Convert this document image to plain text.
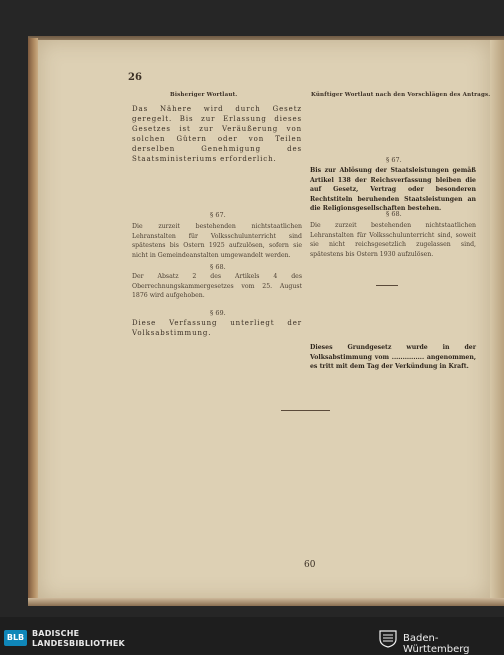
26
Bisheriger Wortlaut.	Künftiger Wortlaut nach den Vorschlägen des Antrags.
Das Nähere wird durch Gesetz geregelt. Bis zur Erlassung dieses Gesetzes ist zur Veräußerung von solchen Gütern oder von Teilen derselben Genehmigung des Staatsministeriums erforderlich.
§ 67.
Die zurzeit bestehenden nichtstaatlichen Lehranstalten für Volksschulunterricht sind spätestens bis Ostern 1925 aufzulösen, sofern sie nicht in Gemeindeanstalten umgewandelt werden.
§ 68.
Der Absatz 2 des Artikels 4 des Oberrechnungskammergesetzes vom 25. August 1876 wird aufgehoben.
§ 69.
Diese Verfassung unterliegt der Volksabstimmung.
§ 67.
Bis zur Ablösung der Staatsleistungen gemäß Artikel 138 der Reichsverfassung bleiben die auf Gesetz, Vertrag oder besonderen Rechtstiteln beruhenden Staatsleistungen an die Religionsgesellschaften bestehen.
§ 68.
Die zurzeit bestehenden nichtstaatlichen Lehranstalten für Volksschulunterricht sind, soweit sie nicht reichsgesetzlich zugelassen sind, spätestens bis Ostern 1930 aufzulösen.
Dieses Grundgesetz wurde in der Volksabstimmung vom ............... angenommen, es tritt mit dem Tag der Verkündung in Kraft.
60
BLB BADISCHE
LANDESBIBLIOTHEK	Baden-Württemberg
